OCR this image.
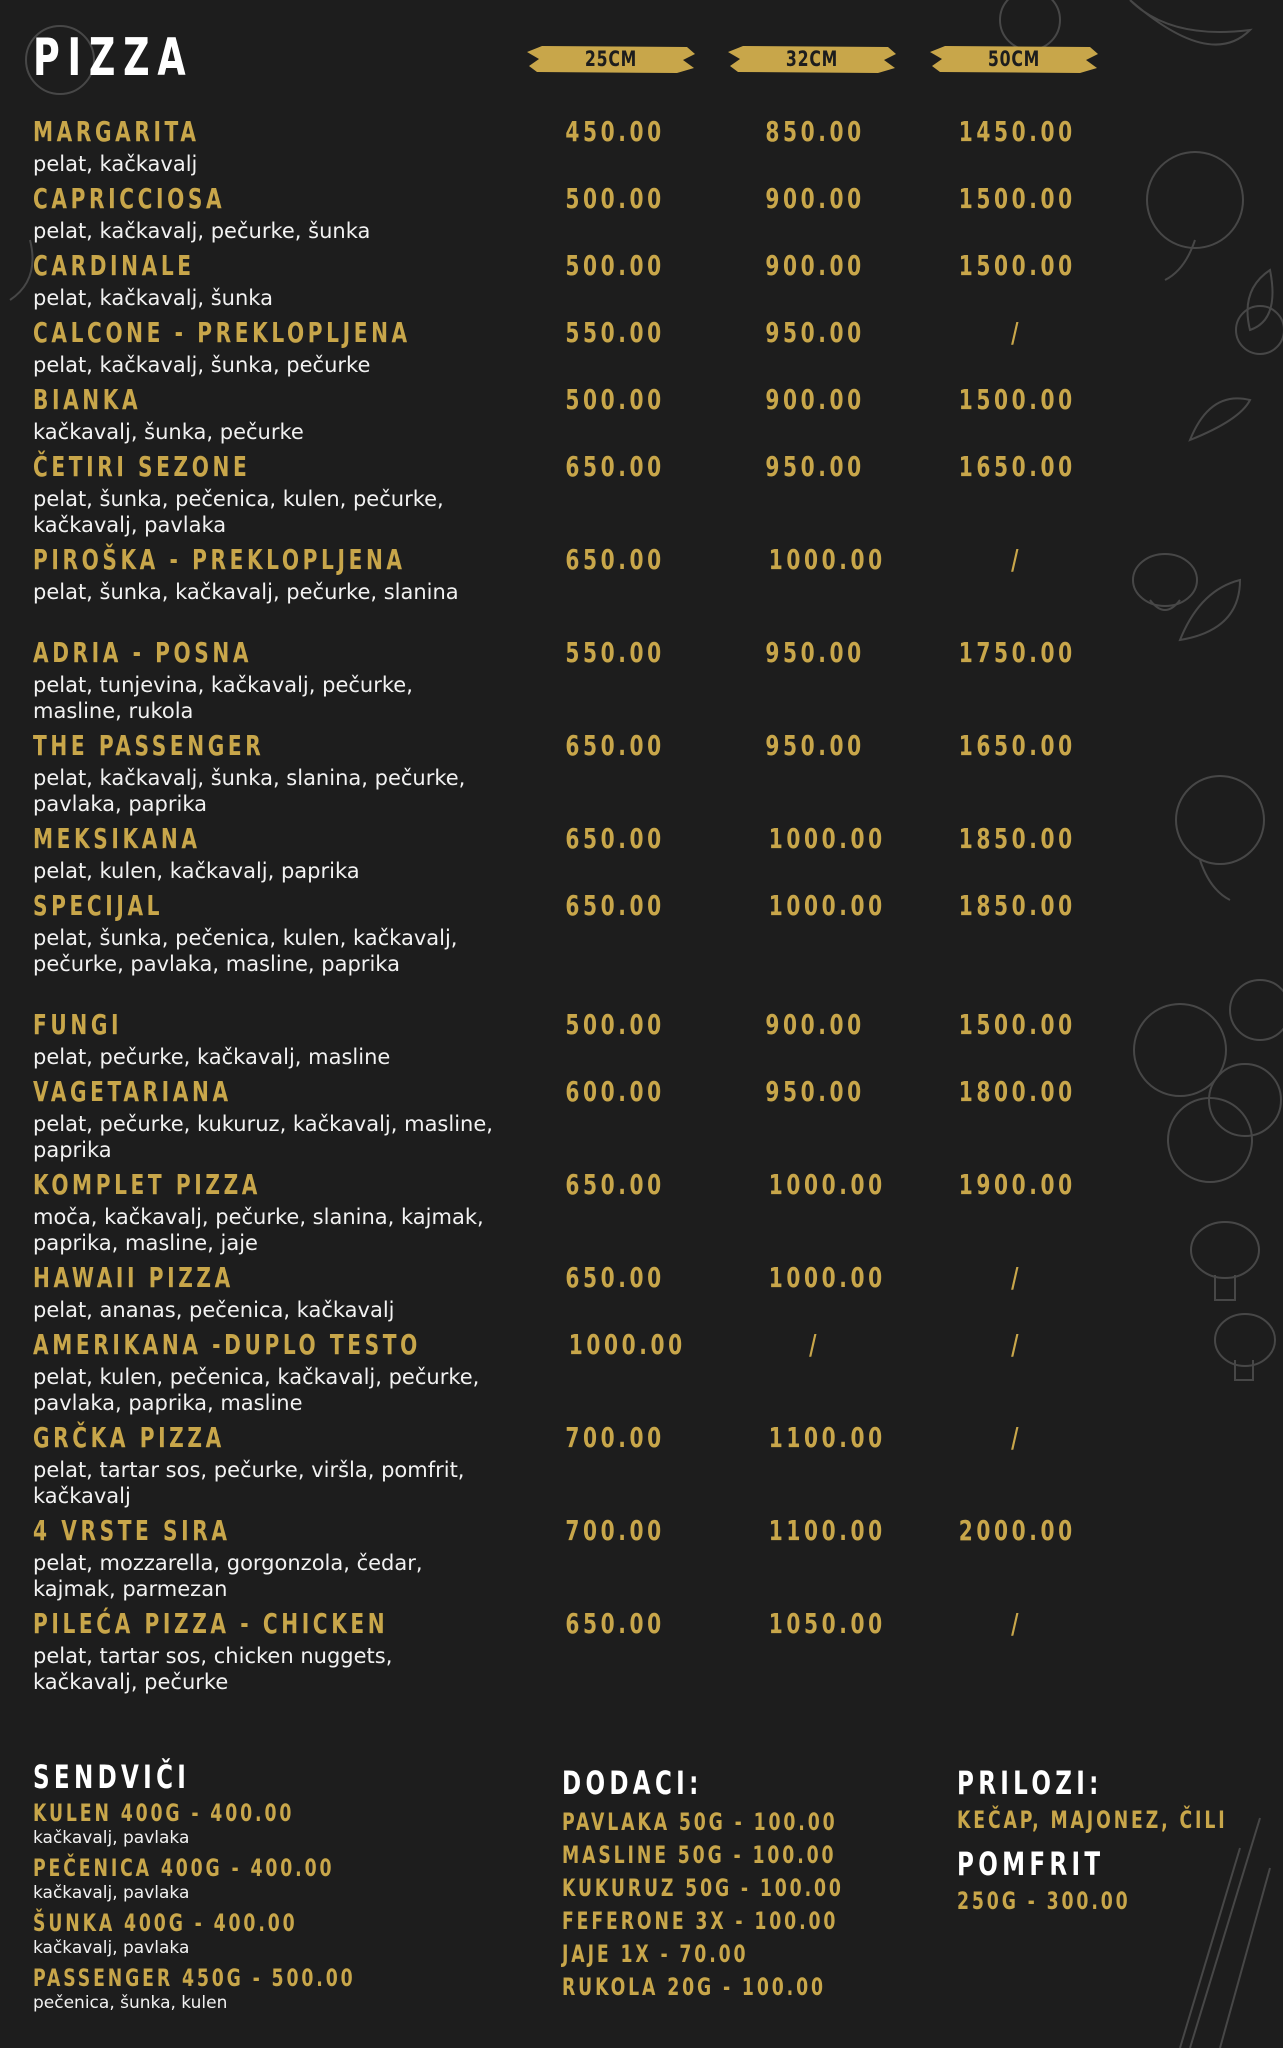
PIZZA	25CM	32CM	50CM
MARGARITA
pelat, kačkavalj
450.00	850.00	1450.00
CAPRICCIOSA
pelat, kačkavalj, pečurke, šunka
500.00	900.00	1500.00
CARDINALE
pelat, kačkavalj, šunka
500.00	900.00	1500.00
CALCONE - PREKLOPLJENA
pelat, kačkavalj, šunka, pečurke
550.00	950.00	/
BIANKA
kačkavalj, šunka, pečurke
500.00	900.00	1500.00
ČETIRI SEZONE
pelat, šunka, pečenica, kulen, pečurke, kačkavalj, pavlaka
650.00	950.00	1650.00
PIROŠKA - PREKLOPLJENA
pelat, šunka, kačkavalj, pečurke, slanina
650.00	1000.00	/
ADRIA - POSNA
pelat, tunjevina, kačkavalj, pečurke, masline, rukola
550.00	950.00	1750.00
THE PASSENGER
pelat, kačkavalj, šunka, slanina, pečurke, pavlaka, paprika
650.00	950.00	1650.00
MEKSIKANA
pelat, kulen, kačkavalj, paprika
650.00	1000.00	1850.00
SPECIJAL
pelat, šunka, pečenica, kulen, kačkavalj, pečurke, pavlaka, masline, paprika
650.00	1000.00	1850.00
FUNGI
pelat, pečurke, kačkavalj, masline
500.00	900.00	1500.00
VAGETARIANA
pelat, pečurke, kukuruz, kačkavalj, masline, paprika
600.00	950.00	1800.00
KOMPLET PIZZA
moča, kačkavalj, pečurke, slanina, kajmak, paprika, masline, jaje
650.00	1000.00	1900.00
HAWAII PIZZA
pelat, ananas, pečenica, kačkavalj
650.00	1000.00	/
AMERIKANA -DUPLO TESTO
pelat, kulen, pečenica, kačkavalj, pečurke, pavlaka, paprika, masline
1000.00	/	/
GRČKA PIZZA
pelat, tartar sos, pečurke, viršla, pomfrit, kačkavalj
700.00	1100.00	/
4 VRSTE SIRA
pelat, mozzarella, gorgonzola, čedar, kajmak, parmezan
700.00	1100.00	2000.00
PILEĆA PIZZA - CHICKEN
pelat, tartar sos, chicken nuggets, kačkavalj, pečurke
650.00	1050.00	/
SENDVIČI
KULEN 400G - 400.00
kačkavalj, pavlaka
PEČENICA 400G - 400.00
kačkavalj, pavlaka
ŠUNKA 400G - 400.00
kačkavalj, pavlaka
PASSENGER 450G - 500.00
pečenica, šunka, kulen
DODACI:
PAVLAKA 50G - 100.00
MASLINE 50G - 100.00
KUKURUZ 50G - 100.00
FEFERONE 3X - 100.00
JAJE 1X - 70.00
RUKOLA 20G - 100.00
PRILOZI:
KEČAP, MAJONEZ, ČILI
POMFRIT
250G - 300.00
